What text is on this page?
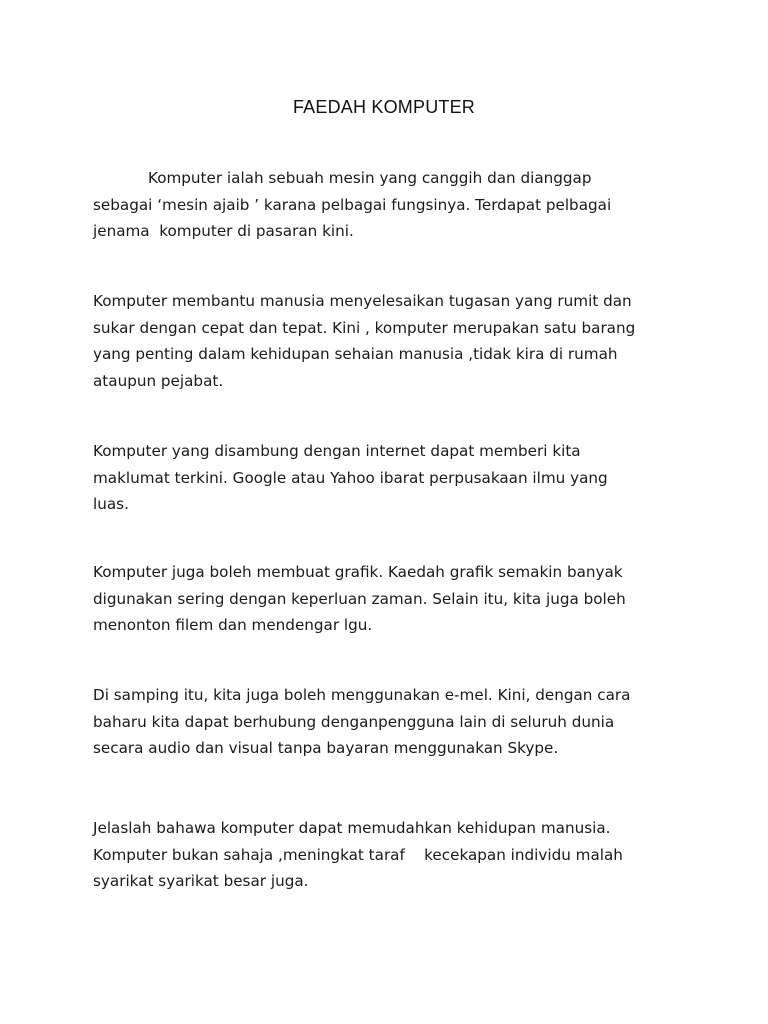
FAEDAH KOMPUTER
Komputer ialah sebuah mesin yang canggih dan dianggap
sebagai ‘mesin ajaib ’ karana pelbagai fungsinya. Terdapat pelbagai
jenama  komputer di pasaran kini.
Komputer membantu manusia menyelesaikan tugasan yang rumit dan
sukar dengan cepat dan tepat. Kini , komputer merupakan satu barang
yang penting dalam kehidupan sehaian manusia ,tidak kira di rumah
ataupun pejabat.
Komputer yang disambung dengan internet dapat memberi kita
maklumat terkini. Google atau Yahoo ibarat perpusakaan ilmu yang
luas.
Komputer juga boleh membuat grafik. Kaedah grafik semakin banyak
digunakan sering dengan keperluan zaman. Selain itu, kita juga boleh
menonton filem dan mendengar lgu.
Di samping itu, kita juga boleh menggunakan e-mel. Kini, dengan cara
baharu kita dapat berhubung denganpengguna lain di seluruh dunia
secara audio dan visual tanpa bayaran menggunakan Skype.
Jelaslah bahawa komputer dapat memudahkan kehidupan manusia.
Komputer bukan sahaja ,meningkat taraf    kecekapan individu malah
syarikat syarikat besar juga.
